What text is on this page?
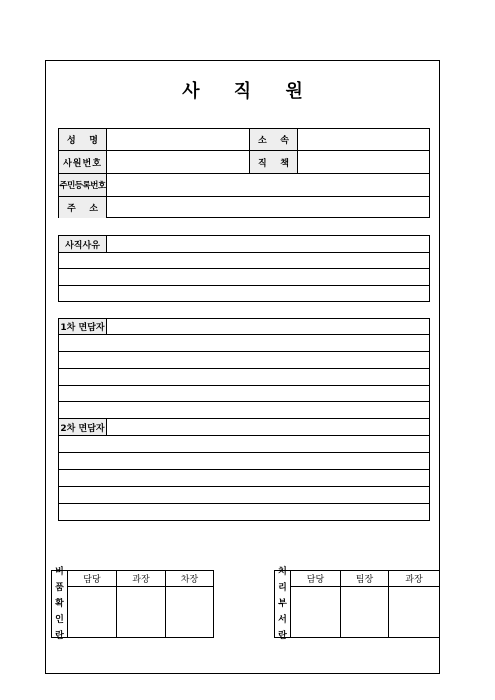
사 직 원
성 명	소 속
사원번호	직 책
주민등록번호
주 소
사직사유
1차 면담자
2차 면담자
비
품
확
인
란
담당	과장	차장
처
리
부
서
란
담당	팀장	과장
